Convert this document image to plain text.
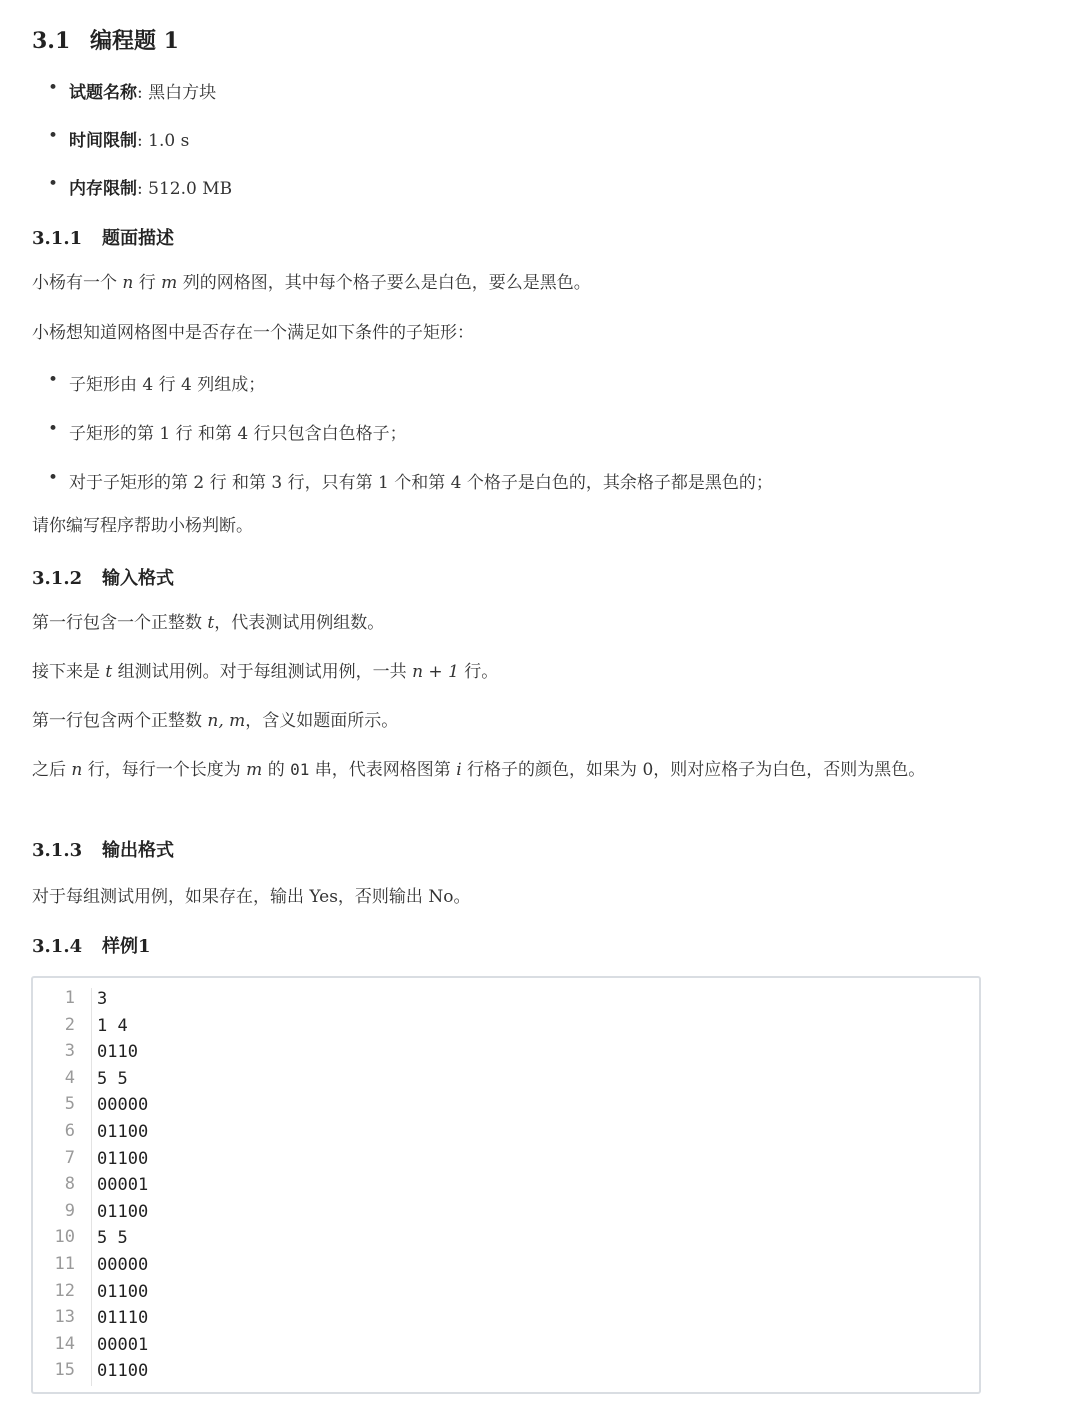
3.1 编程题 1
• 试题名称: 黑白方块
• 时间限制: 1.0 s
• 内存限制: 512.0 MB
3.1.1 题面描述
小杨有一个 n 行 m 列的网格图，其中每个格子要么是白色，要么是黑色。
小杨想知道网格图中是否存在一个满足如下条件的子矩形：
• 子矩形由 4 行 4 列组成；
• 子矩形的第 1 行 和第 4 行只包含白色格子；
• 对于子矩形的第 2 行 和第 3 行，只有第 1 个和第 4 个格子是白色的，其余格子都是黑色的；
请你编写程序帮助小杨判断。
3.1.2 输入格式
第一行包含一个正整数 t，代表测试用例组数。
接下来是 t 组测试用例。对于每组测试用例，一共 n + 1 行。
第一行包含两个正整数 n, m，含义如题面所示。
之后 n 行，每行一个长度为 m 的 01 串，代表网格图第 i 行格子的颜色，如果为 0，则对应格子为白色，否则为黑色。
3.1.3 输出格式
对于每组测试用例，如果存在，输出 Yes，否则输出 No。
3.1.4 样例1
1
2
3
4
5
6
7
8
9
10
11
12
13
14
15
3
1 4
0110
5 5
00000
01100
01100
00001
01100
5 5
00000
01100
01110
00001
01100
